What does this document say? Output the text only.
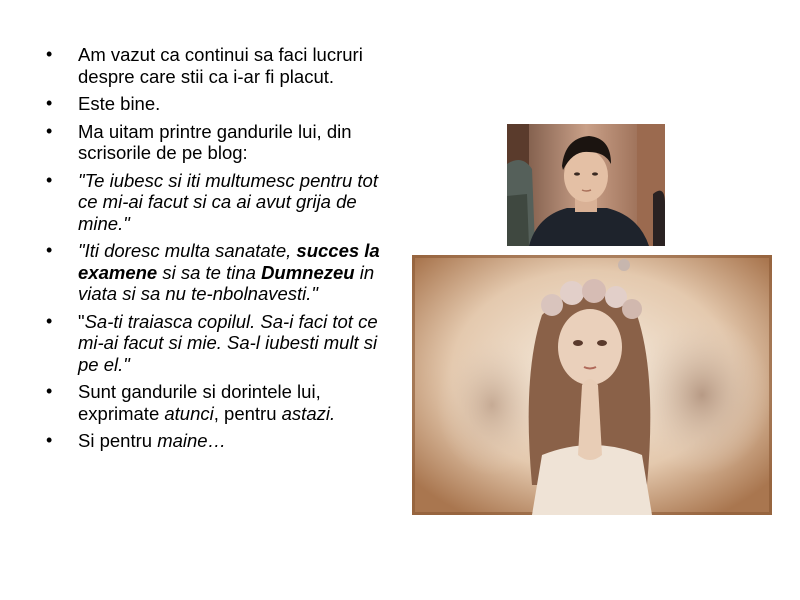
• Am vazut ca continui sa faci lucruri despre care stii ca i-ar fi placut.
• Este bine.
• Ma uitam printre gandurile lui, din scrisorile de pe blog:
• "Te iubesc si iti multumesc pentru tot ce mi-ai facut si ca ai avut grija de mine."
• "Iti doresc multa sanatate, succes la examene si sa te tina Dumnezeu in viata si sa nu te-nbolnavesti."
• "Sa-ti traiasca copilul. Sa-i faci tot ce mi-ai facut si mie. Sa-l iubesti mult si pe el."
• Sunt gandurile si dorintele lui, exprimate atunci, pentru astazi.
• Si pentru maine…
